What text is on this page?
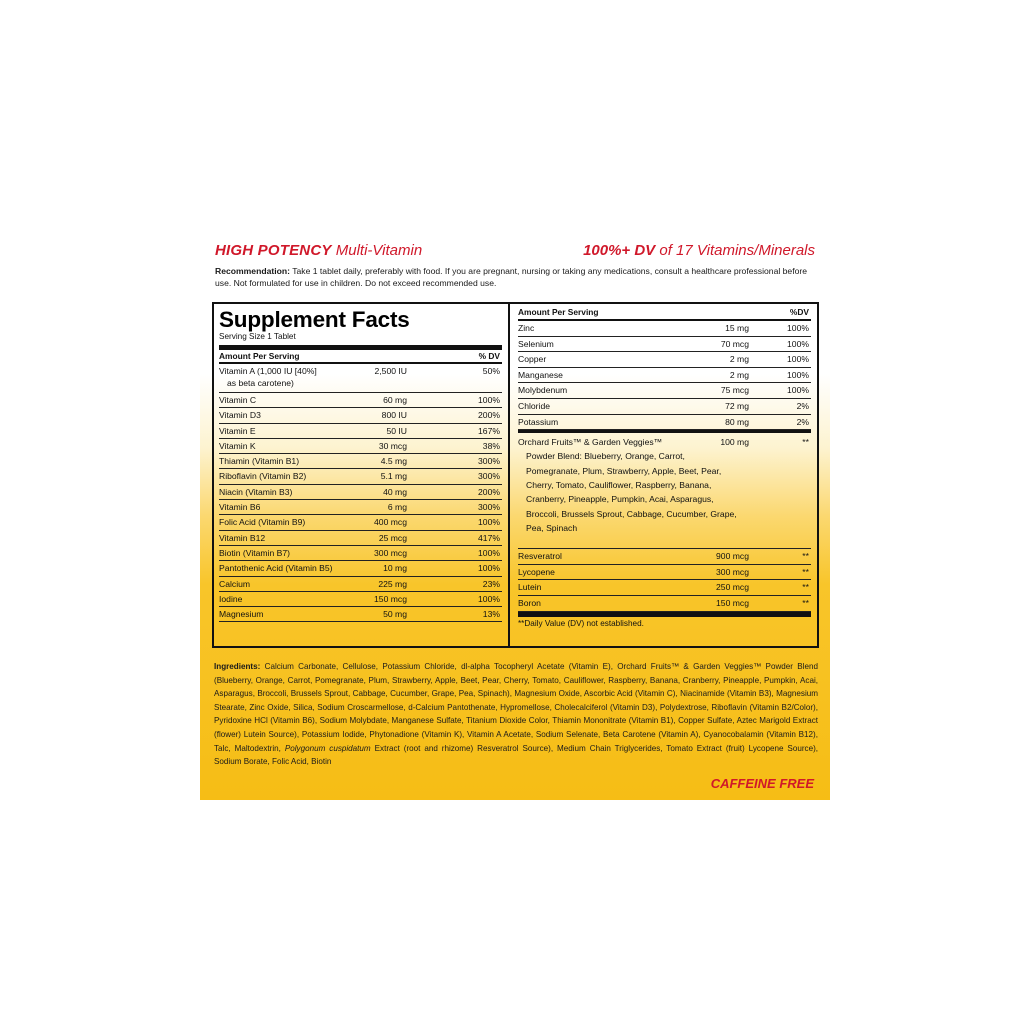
HIGH POTENCY Multi-Vitamin	100%+ DV of 17 Vitamins/Minerals
Recommendation: Take 1 tablet daily, preferably with food. If you are pregnant, nursing or taking any medications, consult a healthcare professional before use. Not formulated for use in children. Do not exceed recommended use.
Supplement Facts
Serving Size 1 Tablet
Amount Per Serving	% DV
Vitamin A (1,000 IU [40%]
as beta carotene)
2,500 IU	50%
Vitamin C	60 mg	100%
Vitamin D3	800 IU	200%
Vitamin E	50 IU	167%
Vitamin K	30 mcg	38%
Thiamin (Vitamin B1)	4.5 mg	300%
Riboflavin (Vitamin B2)	5.1 mg	300%
Niacin (Vitamin B3)	40 mg	200%
Vitamin B6	6 mg	300%
Folic Acid (Vitamin B9)	400 mcg	100%
Vitamin B12	25 mcg	417%
Biotin (Vitamin B7)	300 mcg	100%
Pantothenic Acid (Vitamin B5)	10 mg	100%
Calcium	225 mg	23%
Iodine	150 mcg	100%
Magnesium	50 mg	13%
Amount Per Serving	%DV
Zinc	15 mg	100%
Selenium	70 mcg	100%
Copper	2 mg	100%
Manganese	2 mg	100%
Molybdenum	75 mcg	100%
Chloride	72 mg	2%
Potassium	80 mg	2%
Orchard Fruits™ & Garden Veggies™	100 mg	**
Powder Blend: Blueberry, Orange, Carrot, Pomegranate, Plum, Strawberry, Apple, Beet, Pear, Cherry, Tomato, Cauliflower, Raspberry, Banana, Cranberry, Pineapple, Pumpkin, Acai, Asparagus, Broccoli, Brussels Sprout, Cabbage, Cucumber, Grape, Pea, Spinach
Resveratrol	900 mcg	**
Lycopene	300 mcg	**
Lutein	250 mcg	**
Boron	150 mcg	**
**Daily Value (DV) not established.
Ingredients: Calcium Carbonate, Cellulose, Potassium Chloride, dl-alpha Tocopheryl Acetate (Vitamin E), Orchard Fruits™ & Garden Veggies™ Powder Blend (Blueberry, Orange, Carrot, Pomegranate, Plum, Strawberry, Apple, Beet, Pear, Cherry, Tomato, Cauliflower, Raspberry, Banana, Cranberry, Pineapple, Pumpkin, Acai, Asparagus, Broccoli, Brussels Sprout, Cabbage, Cucumber, Grape, Pea, Spinach), Magnesium Oxide, Ascorbic Acid (Vitamin C), Niacinamide (Vitamin B3), Magnesium Stearate, Zinc Oxide, Silica, Sodium Croscarmellose, d-Calcium Pantothenate, Hypromellose, Cholecalciferol (Vitamin D3), Polydextrose, Riboflavin (Vitamin B2/Color), Pyridoxine HCl (Vitamin B6), Sodium Molybdate, Manganese Sulfate, Titanium Dioxide Color, Thiamin Mononitrate (Vitamin B1), Copper Sulfate, Aztec Marigold Extract (flower) Lutein Source), Potassium Iodide, Phytonadione (Vitamin K), Vitamin A Acetate, Sodium Selenate, Beta Carotene (Vitamin A), Cyanocobalamin (Vitamin B12), Talc, Maltodextrin, Polygonum cuspidatum Extract (root and rhizome) Resveratrol Source), Medium Chain Triglycerides, Tomato Extract (fruit) Lycopene Source), Sodium Borate, Folic Acid, Biotin
CAFFEINE FREE
